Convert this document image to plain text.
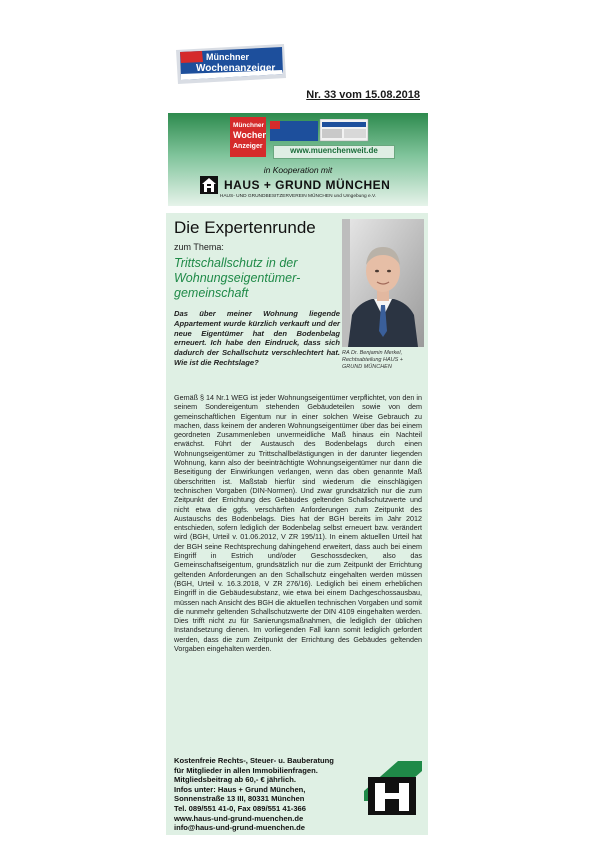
Münchner
Wochenanzeiger
Nr. 33 vom 15.08.2018
Münchner
Wochen
Anzeiger	www.muenchenweit.de
in Kooperation mit
HAUS + GRUND MÜNCHEN
HAUS- UND GRUNDBESITZERVEREIN MÜNCHEN und Umgebung e.V.
Die Expertenrunde
zum Thema:
Trittschallschutz in der Wohnungseigentümer-gemeinschaft
RA Dr. Benjamin Merkel, Rechtsabteilung HAUS + GRUND MÜNCHEN
Das über meiner Wohnung liegende Appartement wurde kürzlich verkauft und der neue Eigentümer hat den Bodenbelag erneuert. Ich habe den Eindruck, dass sich dadurch der Schallschutz verschlechtert hat. Wie ist die Rechtslage?
Gemäß § 14 Nr.1 WEG ist jeder Wohnungseigentümer verpflichtet, von den in seinem Sondereigentum stehenden Gebäudeteilen sowie von dem gemeinschaftlichen Eigentum nur in einer solchen Weise Gebrauch zu machen, dass keinem der anderen Wohnungseigentümer über das bei einem geordneten Zusammenleben unvermeidliche Maß hinaus ein Nachteil erwächst. Führt der Austausch des Bodenbelags durch einen Wohnungseigentümer zu Trittschallbelästigungen in der darunter liegenden Wohnung, kann also der beeinträchtigte Wohnungseigentümer nur dann die Beseitigung der Einwirkungen verlangen, wenn das oben genannte Maß überschritten ist. Maßstab hierfür sind wiederum die einschlägigen technischen Vorgaben (DIN-Normen). Und zwar grundsätzlich nur die zum Zeitpunkt der Errichtung des Gebäudes geltenden Schallschutzwerte und nicht etwa die ggfs. verschärften Anforderungen zum Zeitpunkt des Austauschs des Bodenbelags. Dies hat der BGH bereits im Jahr 2012 entschieden, sofern lediglich der Bodenbelag selbst erneuert bzw. verändert wird (BGH, Urteil v. 01.06.2012, V ZR 195/11). In einem aktuellen Urteil hat der BGH seine Rechtsprechung dahingehend erweitert, dass auch bei einem Eingriff in Estrich und/oder Geschossdecken, also das Gemeinschaftseigentum, grundsätzlich nur die zum Zeitpunkt der Errichtung geltenden Anforderungen an den Schallschutz eingehalten werden müssen (BGH, Urteil v. 16.3.2018, V ZR 276/16). Lediglich bei einem erheblichen Eingriff in die Gebäudesubstanz, wie etwa bei einem Dachgeschossausbau, müssen nach Ansicht des BGH die aktuellen technischen Vorgaben und somit die nunmehr geltenden Schallschutzwerte der DIN 4109 eingehalten werden. Dies trifft nicht zu für Sanierungsmaßnahmen, die lediglich der üblichen Instandsetzung dienen. Im vorliegenden Fall kann somit lediglich gefordert werden, dass die zum Zeitpunkt der Errichtung des Gebäudes geltenden Vorgaben eingehalten werden.
Kostenfreie Rechts-, Steuer- u. Bauberatung
für Mitglieder in allen Immobilienfragen.
Mitgliedsbeitrag ab 60,- € jährlich.
Infos unter: Haus + Grund München,
Sonnenstraße 13 III, 80331 München
Tel. 089/551 41-0, Fax 089/551 41-366
www.haus-und-grund-muenchen.de
info@haus-und-grund-muenchen.de
